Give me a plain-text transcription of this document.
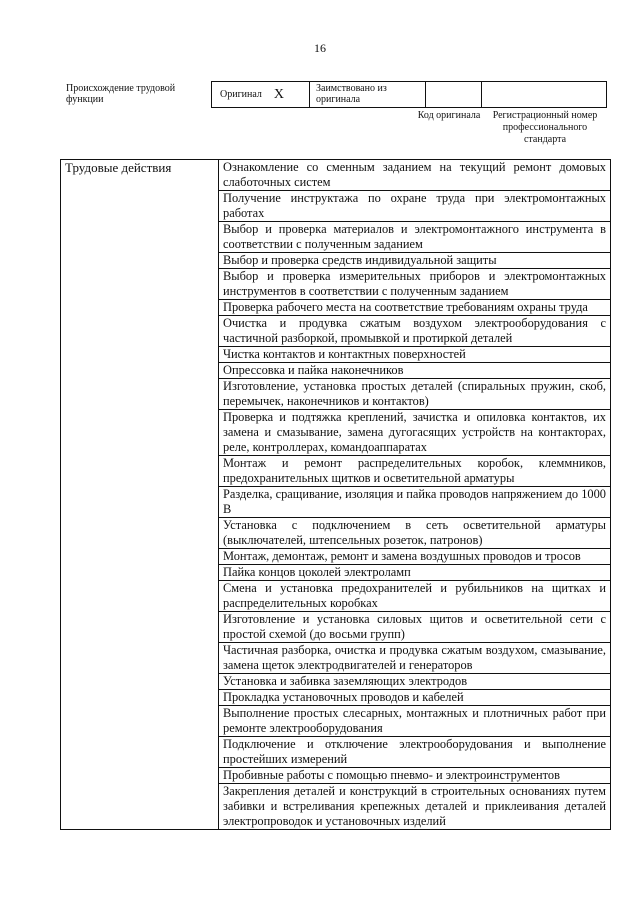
16
Происхождение трудовой функции	Оригинал X	Заимствовано из оригинала
Код оригинала	Регистрационный номер профессионального стандарта
Трудовые действия	Ознакомление со сменным заданием на текущий ремонт домовых слаботочных систем
Получение инструктажа по охране труда при электромонтажных работах
Выбор и проверка материалов и электромонтажного инструмента в соответствии с полученным заданием
Выбор и проверка средств индивидуальной защиты
Выбор и проверка измерительных приборов и электромонтажных инструментов в соответствии с полученным заданием
Проверка рабочего места на соответствие требованиям охраны труда
Очистка и продувка сжатым воздухом электрооборудования с частичной разборкой, промывкой и протиркой деталей
Чистка контактов и контактных поверхностей
Опрессовка и пайка наконечников
Изготовление, установка простых деталей (спиральных пружин, скоб, перемычек, наконечников и контактов)
Проверка и подтяжка креплений, зачистка и опиловка контактов, их замена и смазывание, замена дугогасящих устройств на контакторах, реле, контроллерах, командоаппаратах
Монтаж и ремонт распределительных коробок, клеммников, предохранительных щитков и осветительной арматуры
Разделка, сращивание, изоляция и пайка проводов напряжением до 1000 В
Установка с подключением в сеть осветительной арматуры (выключателей, штепсельных розеток, патронов)
Монтаж, демонтаж, ремонт и замена воздушных проводов и тросов
Пайка концов цоколей электроламп
Смена и установка предохранителей и рубильников на щитках и распределительных коробках
Изготовление и установка силовых щитов и осветительной сети с простой схемой (до восьми групп)
Частичная разборка, очистка и продувка сжатым воздухом, смазывание, замена щеток электродвигателей и генераторов
Установка и забивка заземляющих электродов
Прокладка установочных проводов и кабелей
Выполнение простых слесарных, монтажных и плотничных работ при ремонте электрооборудования
Подключение и отключение электрооборудования и выполнение простейших измерений
Пробивные работы с помощью пневмо- и электроинструментов
Закрепления деталей и конструкций в строительных основаниях путем забивки и встреливания крепежных деталей и приклеивания деталей электропроводок и установочных изделий
